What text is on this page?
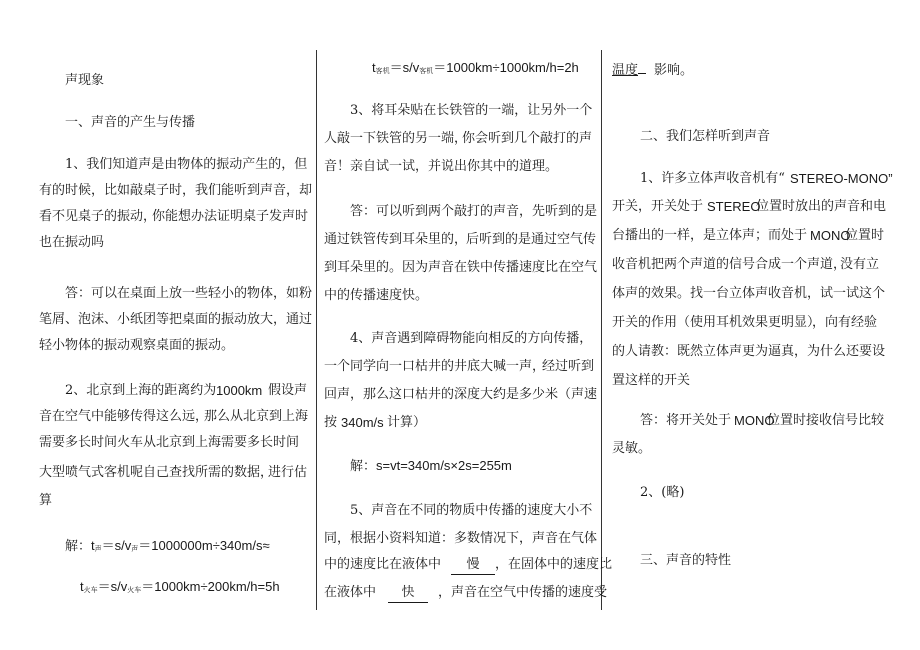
声现象
一、声音的产生与传播
1、我们知道声是由物体的振动产生的，但
有的时候，比如敲桌子时，我们能听到声音，却
看不见桌子的振动，
你能想办法证明桌子发声时
也在振动吗
答：可以在桌面上放一些轻小的物体，如粉
笔屑、泡沫、小纸团等把桌面的振动放大，通过
轻小物体的振动观察桌面的振动。
2、北京到上海的距离约为 1000km 假设声
音在空气中能够传得这么远，
那么从北京到上海
需要多长时间火车从北京到上海需要多长时间
大型喷气式客机呢自己查找所需的数据，
进行估
算
解：t声＝s/v声＝1000000m÷340m/s≈
t火车＝s/v火车＝1000km÷200km/h=5h
t客机＝s/v客机＝1000km÷1000km/h=2h
3、将耳朵贴在长铁管的一端，让另外一个
人敲一下铁管的另一端，
你会听到几个敲打的声
音！亲自试一试，并说出你其中的道理。
答：可以听到两个敲打的声音，先听到的是
通过铁管传到耳朵里的，
后听到的是通过空气传
到耳朵里的。因为声音在铁中传播速度比在空气
中的传播速度快。
4、声音遇到障碍物能向相反的方向传播，
一个同学向一口枯井的井底大喊一声，
经过听到
回声，那么这口枯井的深度大约是多少米（声速
按 340m/s 计算）
解：s=vt=340m/s×2s=255m
5、声音在不同的物质中传播的速度大小不
同，根据小资料知道：多数情况下，声音在气体
中的速度比在液体中 慢 ，在固体中的速度比
在液体中 快 ，声音在空气中传播的速度受
温度 影响。
二、我们怎样听到声音
1、许多立体声收音机有“ STEREO-MONO”
开关，开关处于 STEREO
位置时放出的声音和电
台播出的一样，是立体声；而处于 MONO
位置时
收音机把两个声道的信号合成一个声道，
没有立
体声的效果。找一台立体声收音机，试一试这个
开关的作用（使用耳机效果更明显）
，向有经验
的人请教：既然立体声更为逼真，为什么还要设
置这样的开关
答：将开关处于 MONO
位置时接收信号比较
灵敏。
2、(略)
三、声音的特性
